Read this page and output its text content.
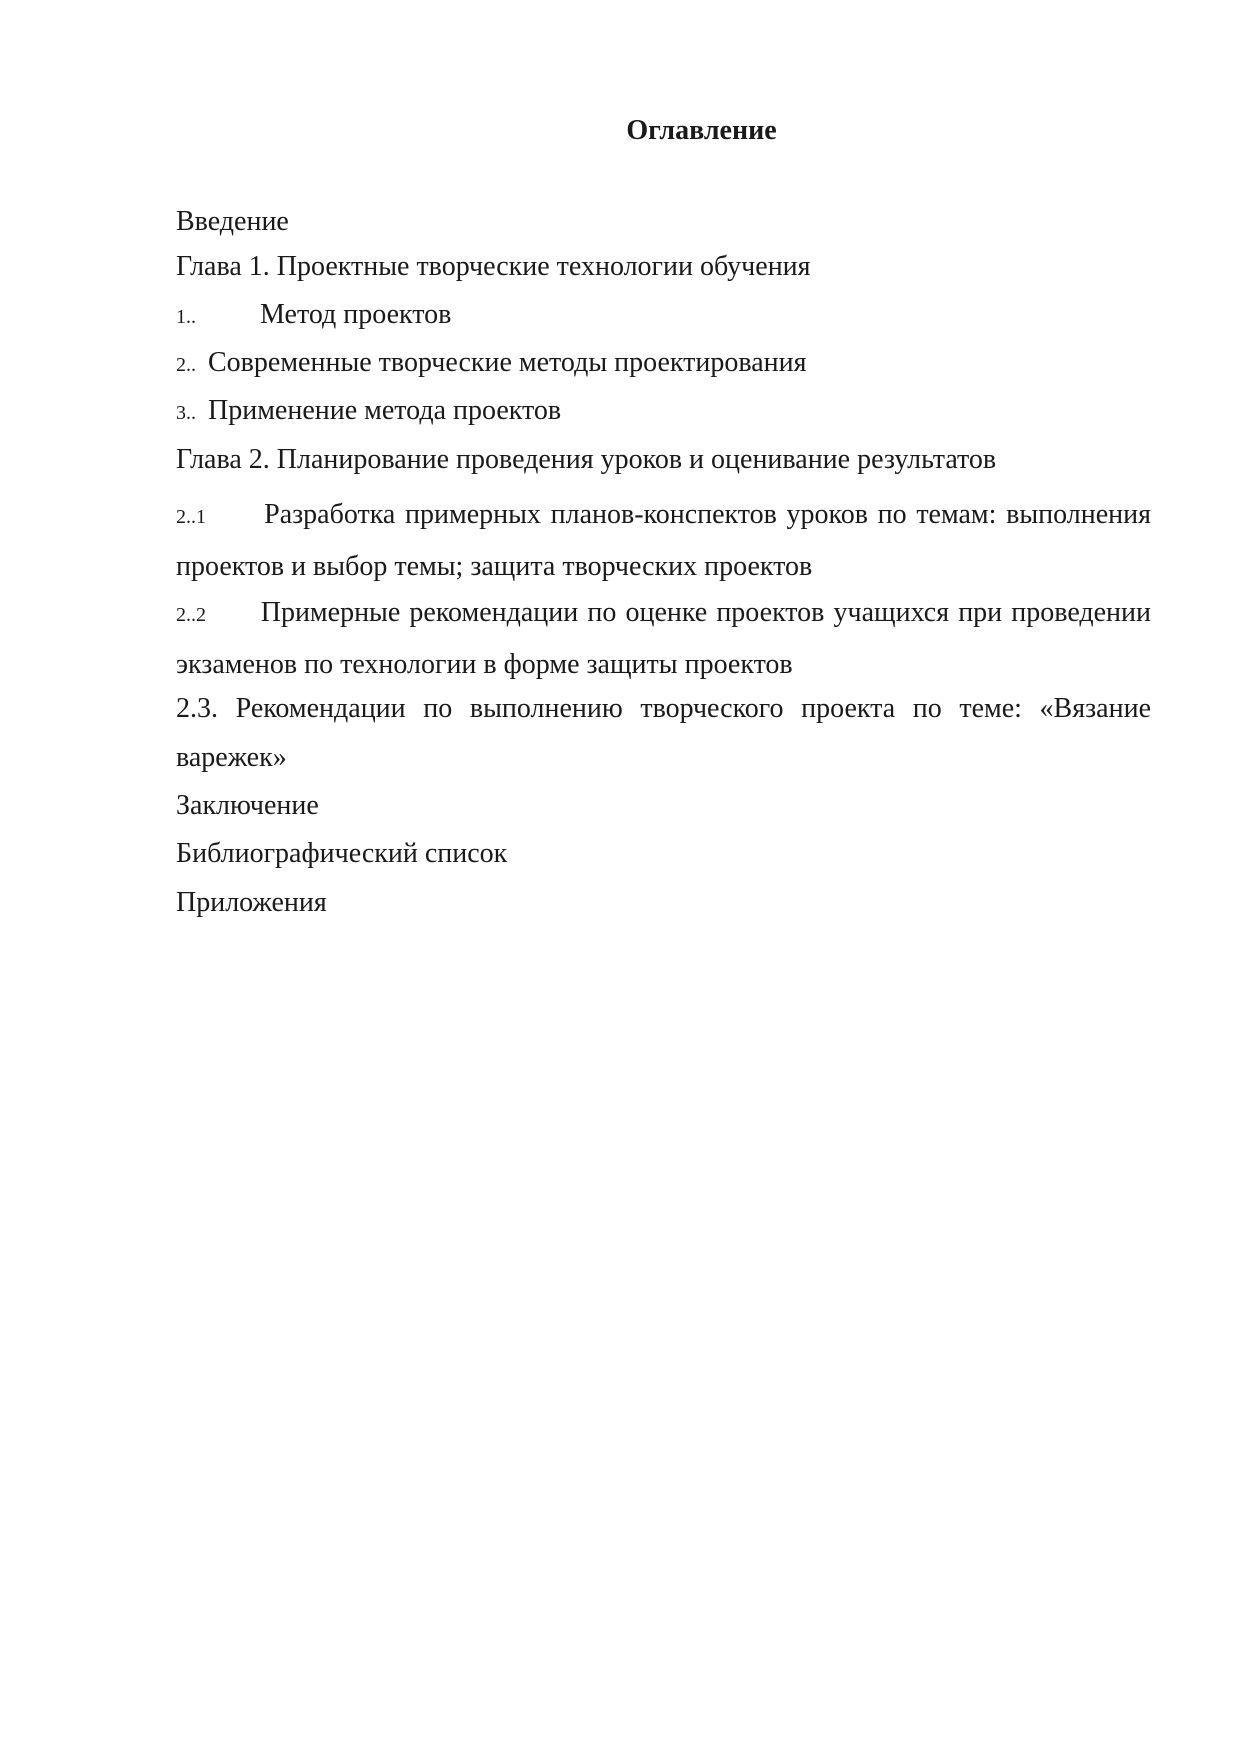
Оглавление
Введение
Глава 1. Проектные творческие технологии обучения
1.. Метод проектов
2.. Современные творческие методы проектирования
3.. Применение метода проектов
Глава 2. Планирование проведения уроков и оценивание результатов
2..1 Разработка примерных планов-конспектов уроков по темам: выполнения проектов и выбор темы; защита творческих проектов
2..2 Примерные рекомендации по оценке проектов учащихся при проведении экзаменов по технологии в форме защиты проектов
2.3. Рекомендации по выполнению творческого проекта по теме: «Вязание варежек»
Заключение
Библиографический список
Приложения
